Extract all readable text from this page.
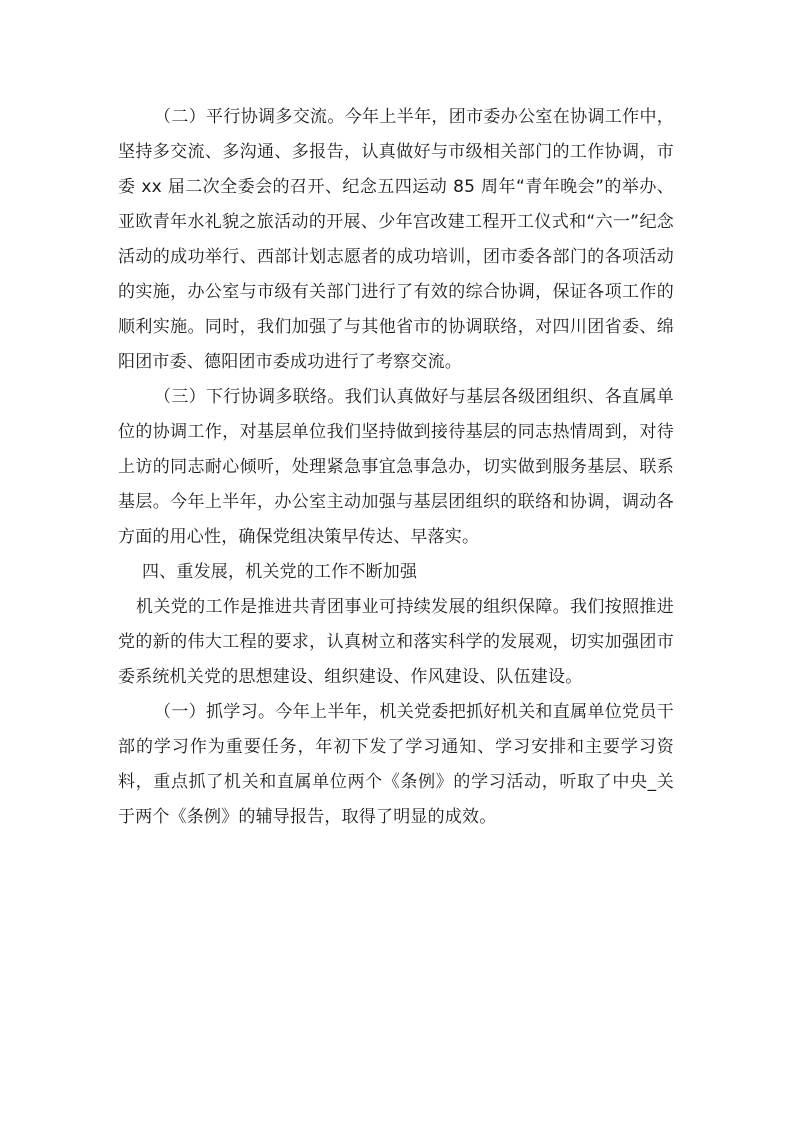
（二）平行协调多交流。今年上半年，团市委办公室在协调工作中，坚持多交流、多沟通、多报告，认真做好与市级相关部门的工作协调，市委 xx 届二次全委会的召开、纪念五四运动 85 周年“青年晚会”的举办、亚欧青年水礼貌之旅活动的开展、少年宫改建工程开工仪式和“六一”纪念活动的成功举行、西部计划志愿者的成功培训，团市委各部门的各项活动的实施，办公室与市级有关部门进行了有效的综合协调，保证各项工作的顺利实施。同时，我们加强了与其他省市的协调联络，对四川团省委、绵阳团市委、德阳团市委成功进行了考察交流。

（三）下行协调多联络。我们认真做好与基层各级团组织、各直属单位的协调工作，对基层单位我们坚持做到接待基层的同志热情周到，对待上访的同志耐心倾听，处理紧急事宜急事急办，切实做到服务基层、联系基层。今年上半年，办公室主动加强与基层团组织的联络和协调，调动各方面的用心性，确保党组决策早传达、早落实。

四、重发展，机关党的工作不断加强

机关党的工作是推进共青团事业可持续发展的组织保障。我们按照推进党的新的伟大工程的要求，认真树立和落实科学的发展观，切实加强团市委系统机关党的思想建设、组织建设、作风建设、队伍建设。

（一）抓学习。今年上半年，机关党委把抓好机关和直属单位党员干部的学习作为重要任务，年初下发了学习通知、学习安排和主要学习资料，重点抓了机关和直属单位两个《条例》的学习活动，听取了中央_关于两个《条例》的辅导报告，取得了明显的成效。
